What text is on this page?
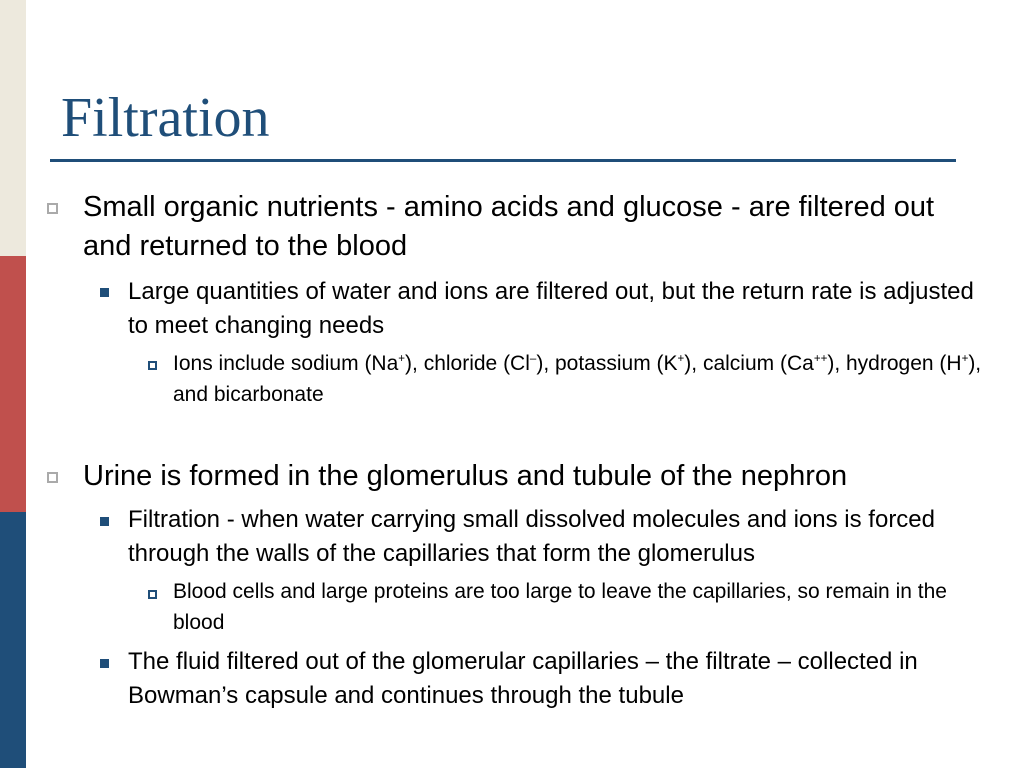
Filtration
Small organic nutrients - amino acids and glucose - are filtered out and returned to the blood
Large quantities of water and ions are filtered out, but the return rate is adjusted to meet changing needs
Ions include sodium (Na+), chloride (Cl–), potassium (K+), calcium (Ca++), hydrogen (H+), and bicarbonate
Urine is formed in the glomerulus and tubule of the nephron
Filtration - when water carrying small dissolved molecules and ions is forced through the walls of the capillaries that form the glomerulus
Blood cells and large proteins are too large to leave the capillaries, so remain in the blood
The fluid filtered out of the glomerular capillaries – the filtrate – collected in Bowman’s capsule and continues through the tubule
